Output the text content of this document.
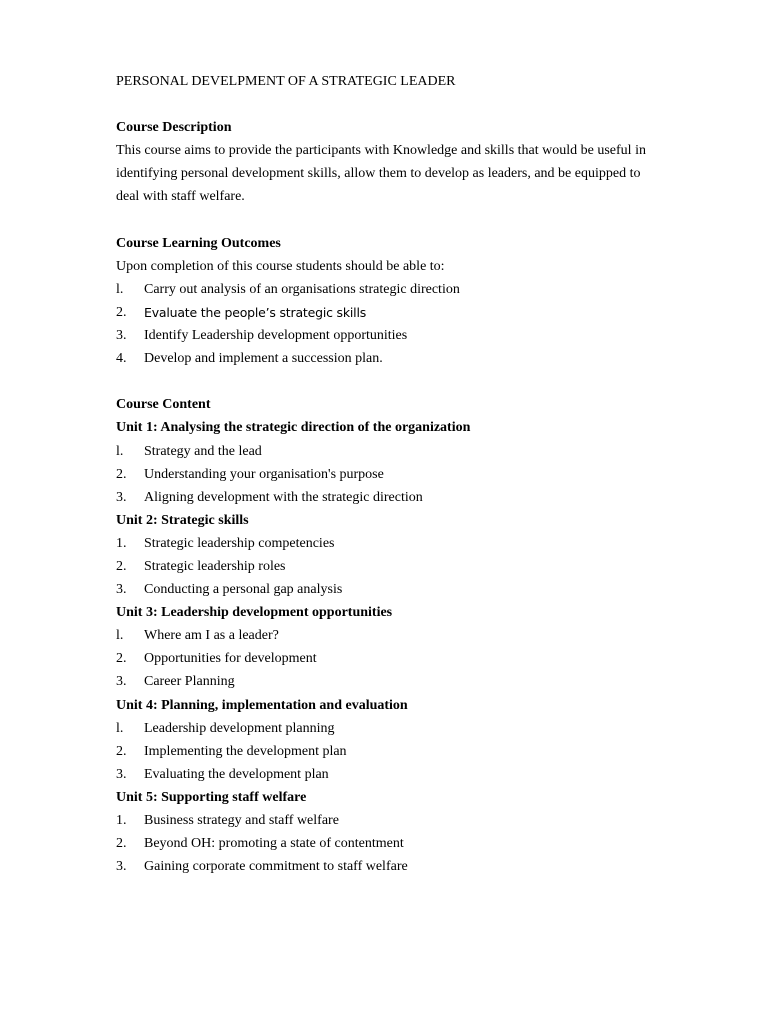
PERSONAL DEVELPMENT OF A STRATEGIC LEADER
Course Description
This course aims to provide the participants with Knowledge and skills that would be useful in
identifying personal development skills, allow them to develop as leaders, and be equipped to
deal with staff welfare.
Course Learning Outcomes
Upon completion of this course students should be able to:
l.	Carry out analysis of an organisations strategic direction
2.	Evaluate the people’s strategic skills
3.	Identify Leadership development opportunities
4.	Develop and implement a succession plan.
Course Content
Unit 1: Analysing the strategic direction of the organization
l.	Strategy and the lead
2.	Understanding your organisation's purpose
3.	Aligning development with the strategic direction
Unit 2: Strategic skills
1.	Strategic leadership competencies
2.	Strategic leadership roles
3.	Conducting a personal gap analysis
Unit 3: Leadership development opportunities
l.	Where am I as a leader?
2.	Opportunities for development
3.	Career Planning
Unit 4: Planning, implementation and evaluation
l.	Leadership development planning
2.	Implementing the development plan
3.	Evaluating the development plan
Unit 5: Supporting staff welfare
1.	Business strategy and staff welfare
2.	Beyond OH: promoting a state of contentment
3.	Gaining corporate commitment to staff welfare
